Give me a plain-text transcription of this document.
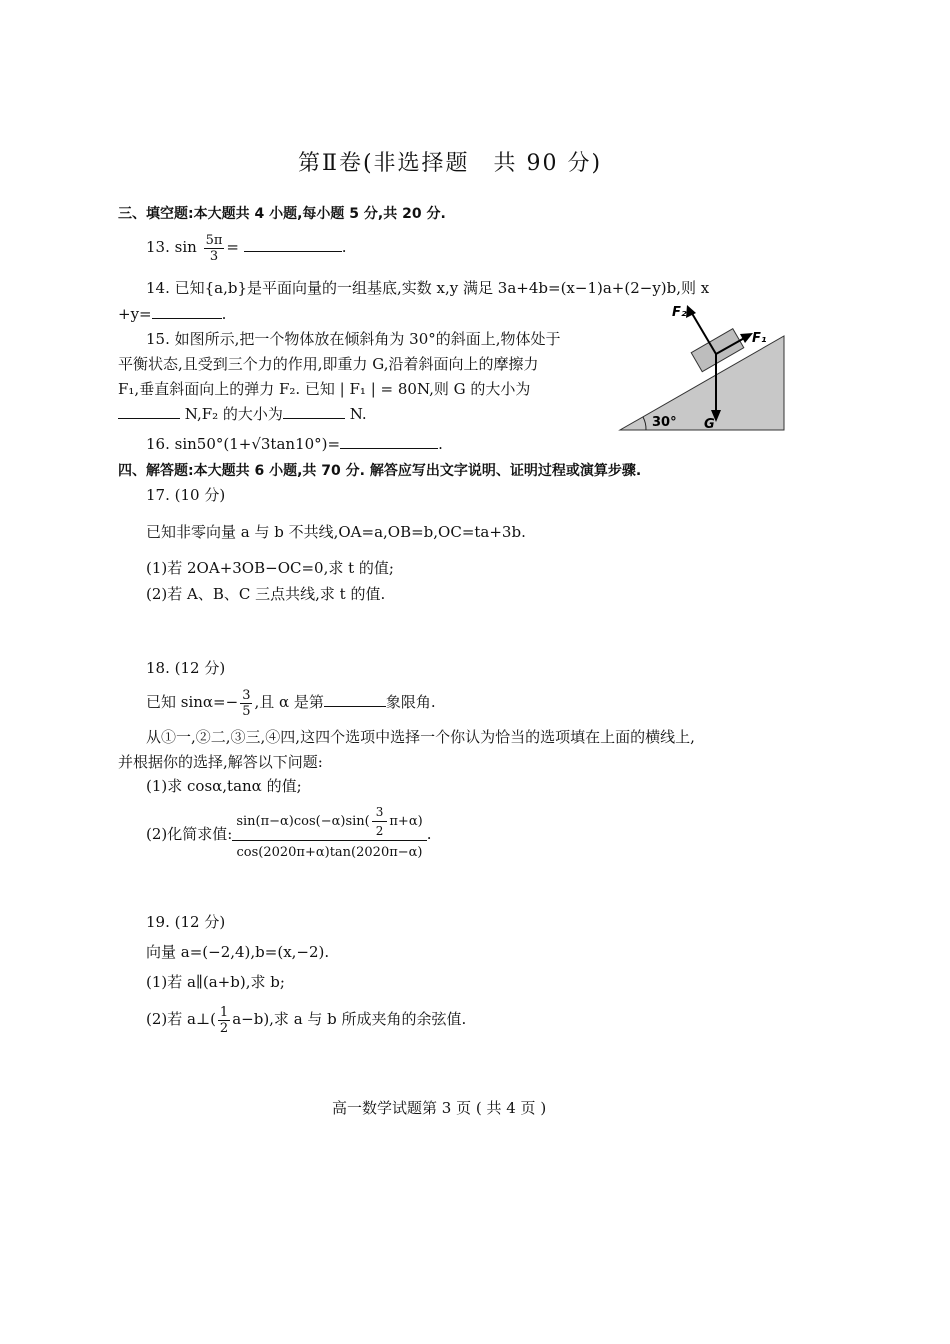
第Ⅱ卷(非选择题　共 90 分)
三、填空题:本大题共 4 小题,每小题 5 分,共 20 分.
13. $\sin \frac{5\pi}{3}$ =	.
14. 已知{a,b}是平面向量的一组基底,实数 x,y 满足 3a+4b=(x−1)a+(2−y)b,则 x
+y=	.
15. 如图所示,把一个物体放在倾斜角为 30°的斜面上,物体处于
平衡状态,且受到三个力的作用,即重力 G,沿着斜面向上的摩擦力
F₁,垂直斜面向上的弹力 F₂. 已知 | F₁ | = 80N,则 G 的大小为
N,F₂ 的大小为	N.
F₂
F₁
G
30°
16. sin50°(1+√3tan10°)=	.
四、解答题:本大题共 6 小题,共 70 分. 解答应写出文字说明、证明过程或演算步骤.
17. (10 分)
已知非零向量 a 与 b 不共线,OA=a,OB=b,OC=ta+3b.
(1)若 2OA+3OB−OC=0,求 t 的值;
(2)若 A、B、C 三点共线,求 t 的值.
18. (12 分)
已知 $\sin\alpha=- \frac{3}{5}$ ,且 α 是第	象限角.
从①一,②二,③三,④四,这四个选项中选择一个你认为恰当的选项填在上面的横线上,
并根据你的选择,解答以下问题:
(1)求 cosα,tanα 的值;
(2)化简求值: $\frac{\sin(\pi-\alpha)\cos(-\alpha)\sin( \frac{3}{2} \pi+\alpha)}{\cos(2020\pi+\alpha)\tan(2020\pi-\alpha)}$ .
19. (12 分)
向量 a=(−2,4),b=(x,−2).
(1)若 a∥(a+b),求 b;
(2)若 a⊥( $\frac{1}{2} a-b$),求 a 与 b 所成夹角的余弦值.
高一数学试题第 3 页 ( 共 4 页 )
